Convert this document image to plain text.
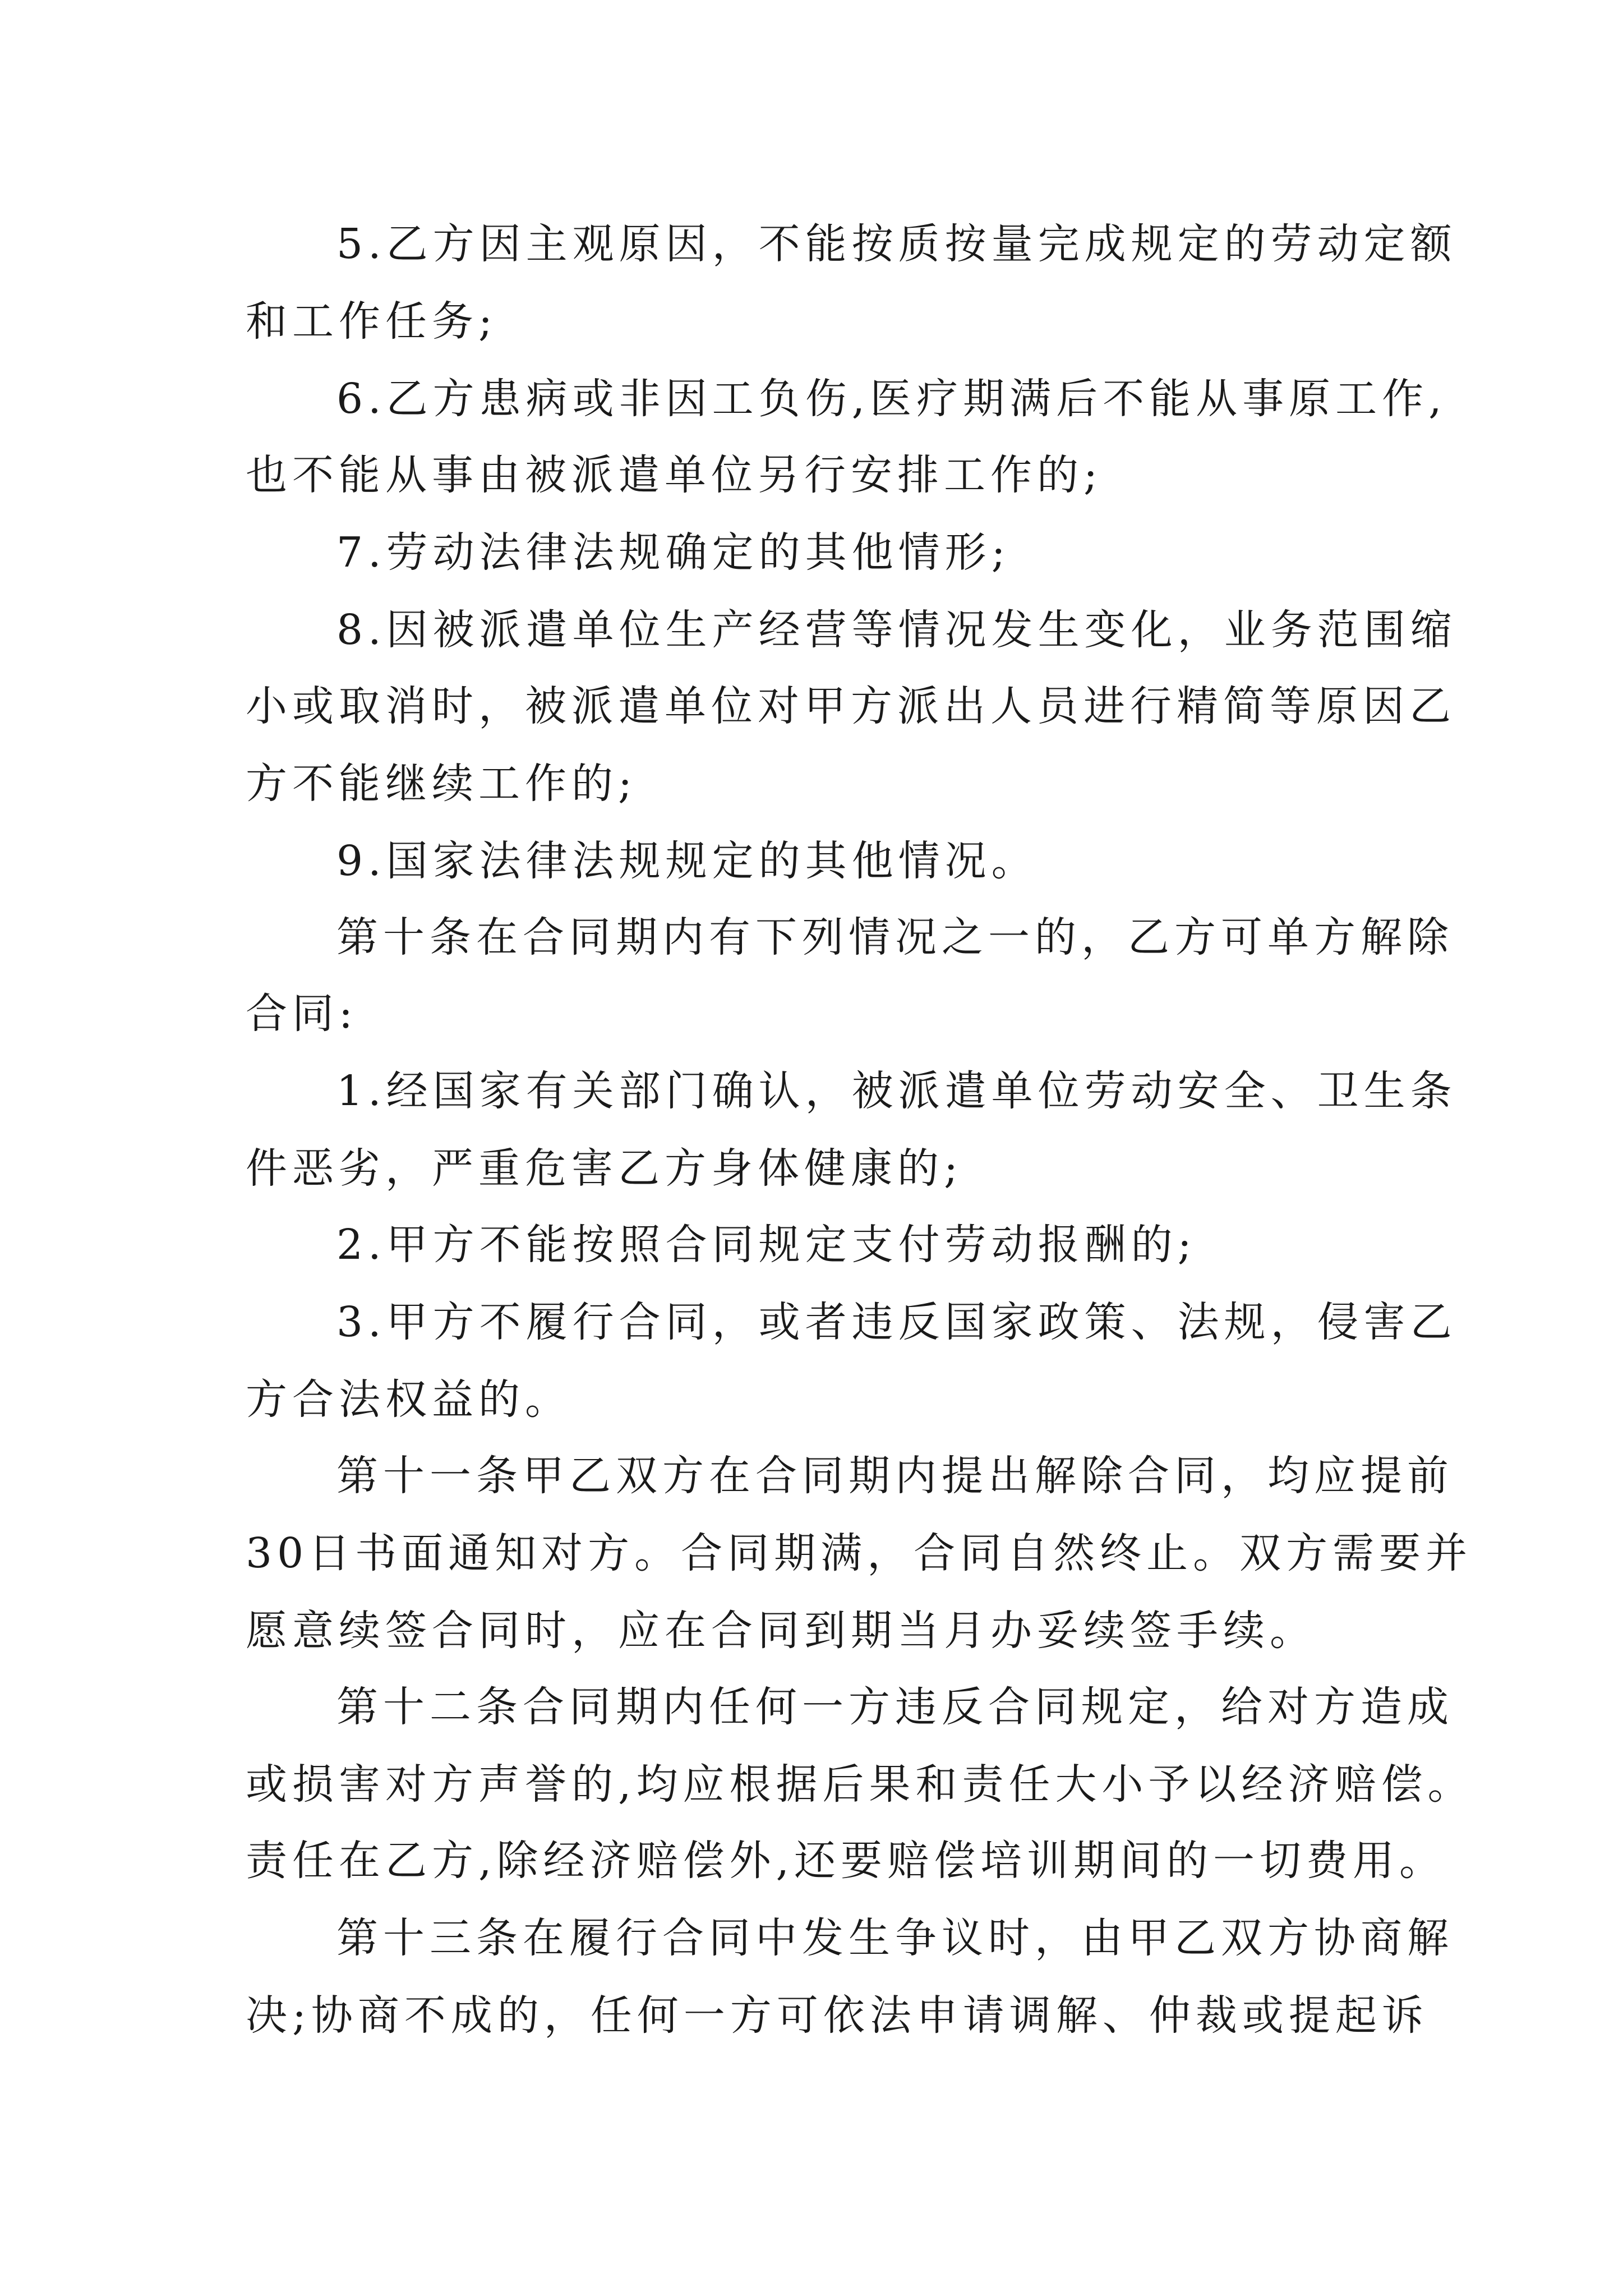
5.乙方因主观原因，不能按质按量完成规定的劳动定额
和工作任务;
6.乙方患病或非因工负伤,医疗期满后不能从事原工作,
也不能从事由被派遣单位另行安排工作的;
7.劳动法律法规确定的其他情形;
8.因被派遣单位生产经营等情况发生变化，业务范围缩
小或取消时，被派遣单位对甲方派出人员进行精简等原因乙
方不能继续工作的;
9.国家法律法规规定的其他情况。
第十条在合同期内有下列情况之一的，乙方可单方解除
合同:
1.经国家有关部门确认，被派遣单位劳动安全、卫生条
件恶劣，严重危害乙方身体健康的;
2.甲方不能按照合同规定支付劳动报酬的;
3.甲方不履行合同，或者违反国家政策、法规，侵害乙
方合法权益的。
第十一条甲乙双方在合同期内提出解除合同，均应提前
30日书面通知对方。合同期满，合同自然终止。双方需要并
愿意续签合同时，应在合同到期当月办妥续签手续。
第十二条合同期内任何一方违反合同规定，给对方造成
或损害对方声誉的,均应根据后果和责任大小予以经济赔偿。
责任在乙方,除经济赔偿外,还要赔偿培训期间的一切费用。
第十三条在履行合同中发生争议时，由甲乙双方协商解
决;协商不成的，任何一方可依法申请调解、仲裁或提起诉
